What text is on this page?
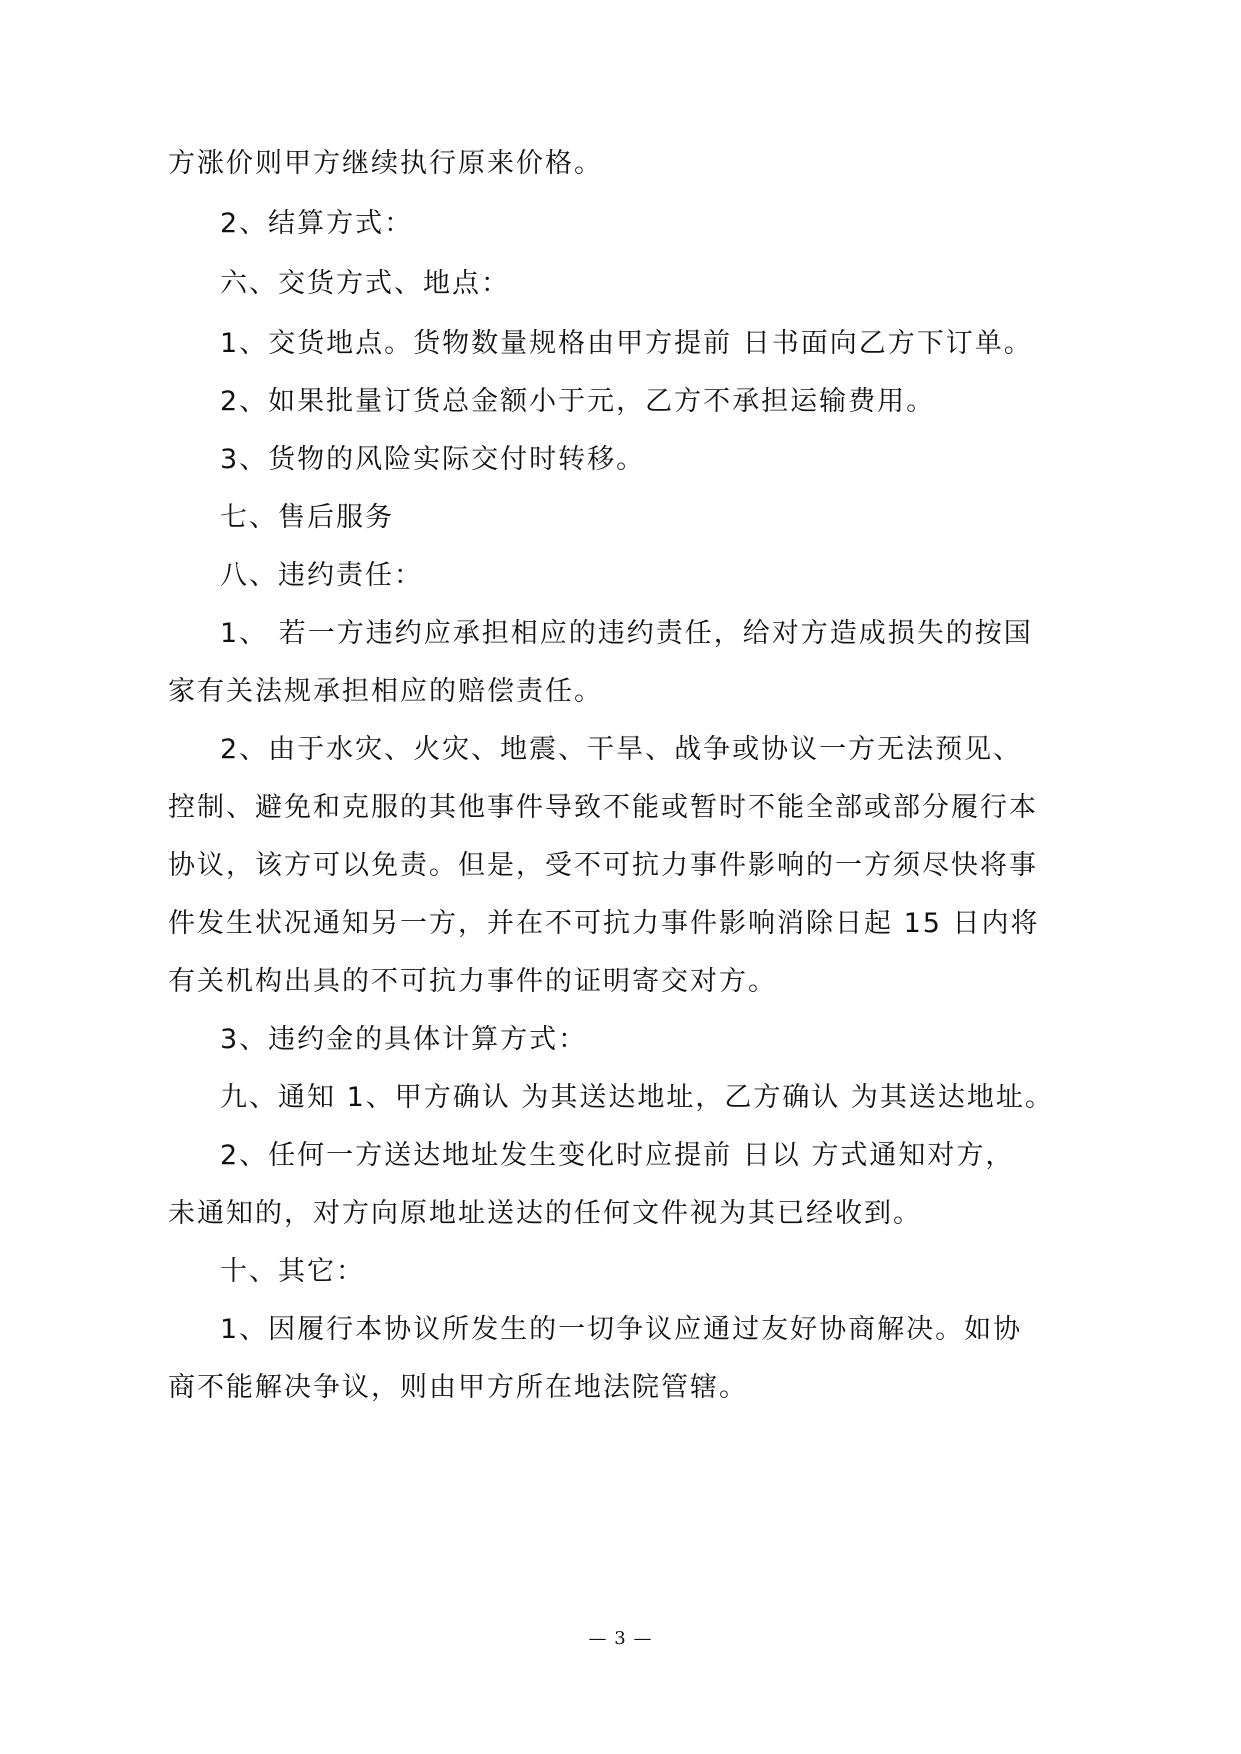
方涨价则甲方继续执行原来价格。
2、结算方式：
六、交货方式、地点：
1、交货地点。货物数量规格由甲方提前 日书面向乙方下订单。
2、如果批量订货总金额小于元，乙方不承担运输费用。
3、货物的风险实际交付时转移。
七、售后服务
八、违约责任：
1、 若一方违约应承担相应的违约责任，给对方造成损失的按国
家有关法规承担相应的赔偿责任。
2、由于水灾、火灾、地震、干旱、战争或协议一方无法预见、
控制、避免和克服的其他事件导致不能或暂时不能全部或部分履行本
协议，该方可以免责。但是，受不可抗力事件影响的一方须尽快将事
件发生状况通知另一方，并在不可抗力事件影响消除日起 15 日内将
有关机构出具的不可抗力事件的证明寄交对方。
3、违约金的具体计算方式：
九、通知 1、甲方确认 为其送达地址，乙方确认 为其送达地址。
2、任何一方送达地址发生变化时应提前 日以 方式通知对方，
未通知的，对方向原地址送达的任何文件视为其已经收到。
十、其它：
1、因履行本协议所发生的一切争议应通过友好协商解决。如协
商不能解决争议，则由甲方所在地法院管辖。
— 3 —
